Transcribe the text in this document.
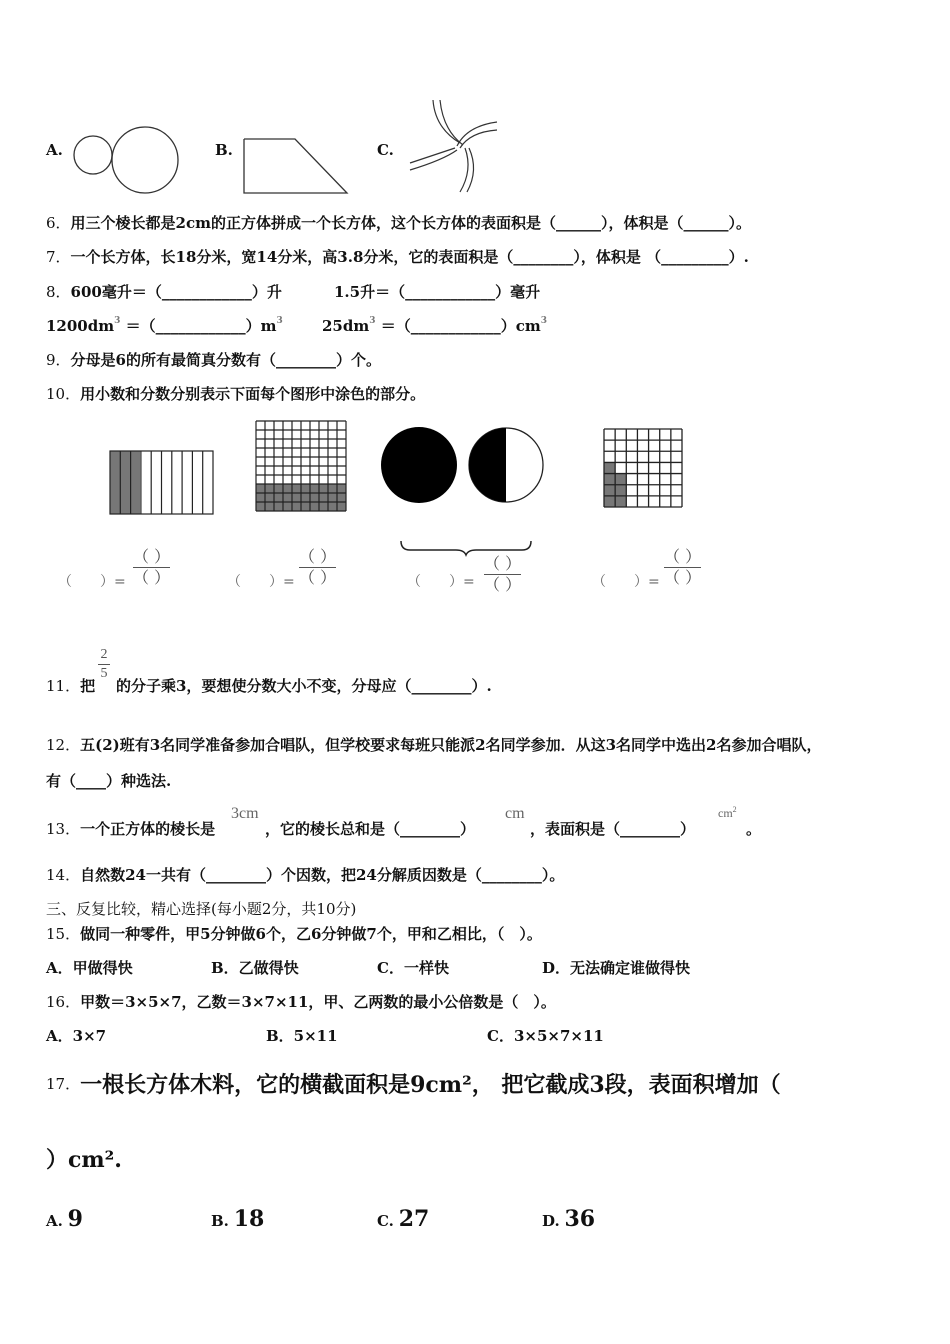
A.	B.	C.
6．用三个棱长都是2cm的正方体拼成一个长方体，这个长方体的表面积是（______），体积是（______）。
7．一个长方体，长18分米，宽14分米，高3.8分米，它的表面积是（________），体积是 （_________）.
8．600毫升＝（____________）升	1.5升＝（____________）毫升
$1200dm^3$ $=(\_\_\_\_\_\_\_\_\_\_\_\_)m^3$	$25dm^3$ $=(\_\_\_\_\_\_\_\_\_\_\_\_)cm^3$
9．分母是6的所有最简真分数有（________）个。
10．用小数和分数分别表示下面每个图形中涂色的部分。
（　　）=
（ ）
（ ）	（　　）=
（ ）
（ ）	（　　）=
（ ）
（ ）	（　　）=
（ ）
（ ）
11．把
2
5
的分子乘3，要想使分数大小不变，分母应（________）.
12．五(2)班有3名同学准备参加合唱队，但学校要求每班只能派2名同学参加．从这3名同学中选出2名参加合唱队，
有（____）种选法.
13．一个正方体的棱长是
3cm
，它的棱长总和是（________）
cm
，表面积是（________）
$cm^2$
。
14．自然数24一共有（________）个因数，把24分解质因数是（________）。
三、反复比较，精心选择(每小题2分，共10分)
15．做同一种零件，甲5分钟做6个，乙6分钟做7个，甲和乙相比，（　）。
A．甲做得快	B．乙做得快	C．一样快	D．无法确定谁做得快
16．甲数＝3×5×7，乙数＝3×7×11，甲、乙两数的最小公倍数是（　）。
A．3×7	B．5×11	C．3×5×7×11
17．一根长方体木料，它的横截面积是9cm²， 把它截成3段，表面积增加（
）cm².
A. 9	B. 18	C. 27	D. 36
